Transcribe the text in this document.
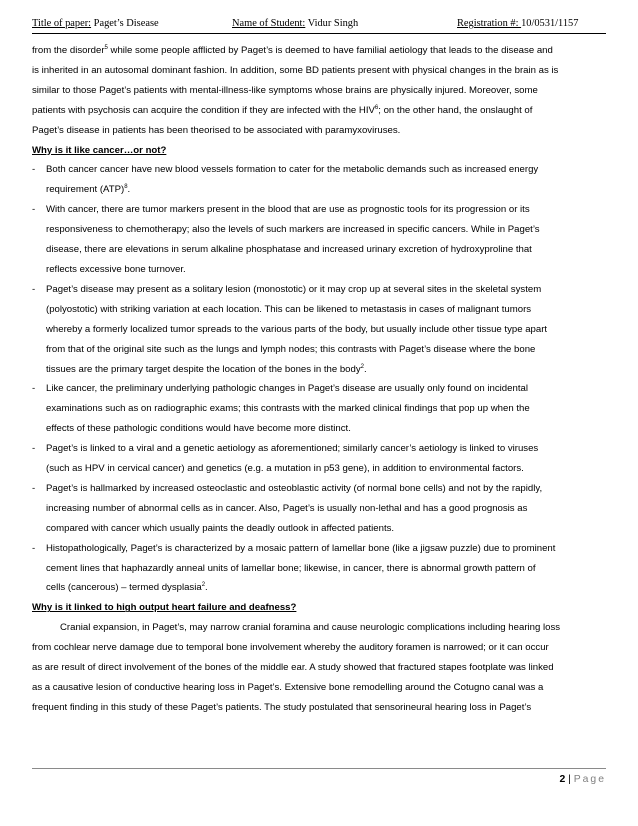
Title of paper: Paget’s Disease	Name of Student: Vidur Singh	Registration #: 10/0531/1157
from the disorder$^5$ while some people afflicted by Paget’s is deemed to have familial aetiology that leads to the disease and
is inherited in an autosomal dominant fashion. In addition, some BD patients present with physical changes in the brain as is
similar to those Paget’s patients with mental-illness-like symptoms whose brains are physically injured. Moreover, some
patients with psychosis can acquire the condition if they are infected with the HIV$^6$; on the other hand, the onslaught of
Paget’s disease in patients has been theorised to be associated with paramyxoviruses.
Why is it like cancer…or not?
- Both cancer cancer have new blood vessels formation to cater for the metabolic demands such as increased energy
requirement (ATP)$^8$.
- With cancer, there are tumor markers present in the blood that are use as prognostic tools for its progression or its
responsiveness to chemotherapy; also the levels of such markers are increased in specific cancers. While in Paget’s
disease, there are elevations in serum alkaline phosphatase and increased urinary excretion of hydroxyproline that
reflects excessive bone turnover.
- Paget’s disease may present as a solitary lesion (monostotic) or it may crop up at several sites in the skeletal system
(polyostotic) with striking variation at each location. This can be likened to metastasis in cases of malignant tumors
whereby a formerly localized tumor spreads to the various parts of the body, but usually include other tissue type apart
from that of the original site such as the lungs and lymph nodes; this contrasts with Paget’s disease where the bone
tissues are the primary target despite the location of the bones in the body$^2$.
- Like cancer, the preliminary underlying pathologic changes in Paget’s disease are usually only found on incidental
examinations such as on radiographic exams; this contrasts with the marked clinical findings that pop up when the
effects of these pathologic conditions would have become more distinct.
- Paget’s is linked to a viral and a genetic aetiology as aforementioned; similarly cancer’s aetiology is linked to viruses
(such as HPV in cervical cancer) and genetics (e.g. a mutation in p53 gene), in addition to environmental factors.
- Paget’s is hallmarked by increased osteoclastic and osteoblastic activity (of normal bone cells) and not by the rapidly,
increasing number of abnormal cells as in cancer. Also, Paget’s is usually non-lethal and has a good prognosis as
compared with cancer which usually paints the deadly outlook in affected patients.
- Histopathologically, Paget’s is characterized by a mosaic pattern of lamellar bone (like a jigsaw puzzle) due to prominent
cement lines that haphazardly anneal units of lamellar bone; likewise, in cancer, there is abnormal growth pattern of
cells (cancerous) – termed dysplasia$^2$.
Why is it linked to high output heart failure and deafness?
Cranial expansion, in Paget’s, may narrow cranial foramina and cause neurologic complications including hearing loss
from cochlear nerve damage due to temporal bone involvement whereby the auditory foramen is narrowed; or it can occur
as are result of direct involvement of the bones of the middle ear. A study showed that fractured stapes footplate was linked
as a causative lesion of conductive hearing loss in Paget’s. Extensive bone remodelling around the Cotugno canal was a
frequent finding in this study of these Paget’s patients. The study postulated that sensorineural hearing loss in Paget’s
2 | Page
